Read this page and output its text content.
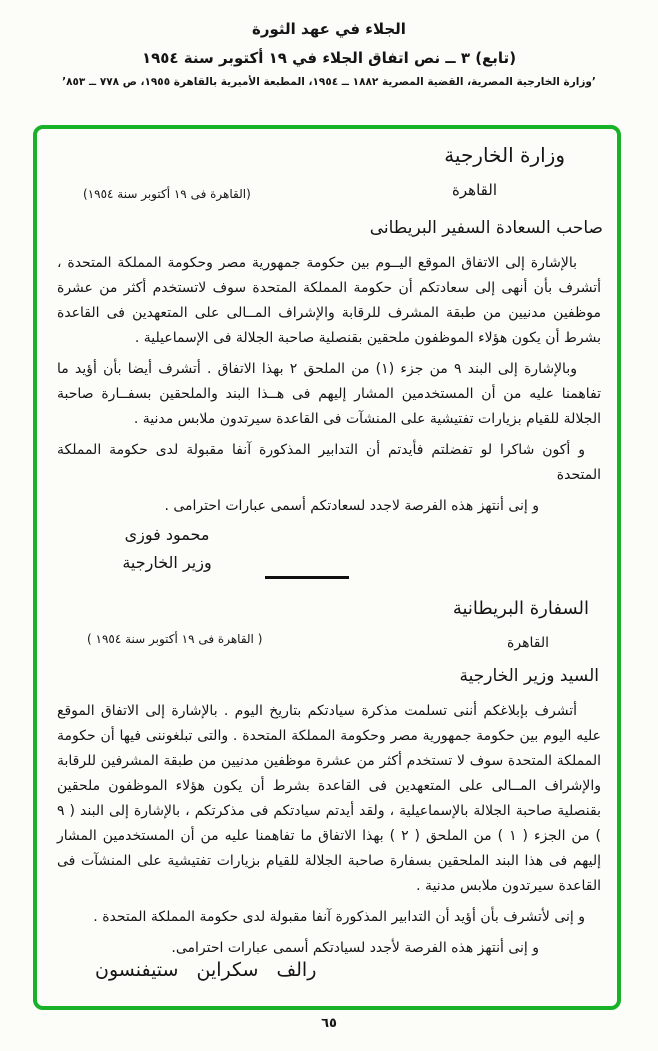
الجلاء في عهد الثورة
(تابع) ٣ ــ نص اتفاق الجلاء في ١٩ أكتوبر سنة ١٩٥٤
’وزارة الخارجية المصرية، القضية المصرية ١٨٨٢ ــ ١٩٥٤، المطبعة الأميرية بالقاهرة ١٩٥٥، ص ٧٧٨ ــ ٨٥٣’
وزارة الخارجية
القاهرة
(القاهرة فى ١٩ أكتوبر سنة ١٩٥٤)
صاحب السعادة السفير البريطانى

بالإشارة إلى الاتفاق الموقع اليــوم بين حكومة جمهورية مصر وحكومة المملكة المتحدة ، أتشرف بأن أنهى إلى سعادتكم أن حكومة المملكة المتحدة سوف لاتستخدم أكثر من عشرة موظفين مدنيين من طبقة المشرف للرقابة والإشراف المــالى على المتعهدين فى القاعدة بشرط أن يكون هؤلاء الموظفون ملحقين بقنصلية صاحبة الجلالة فى الإسماعيلية .

وبالإشارة إلى البند ٩ من جزء (١) من الملحق ٢ بهذا الاتفاق . أتشرف أيضا بأن أؤيد ما تفاهمنا عليه من أن المستخدمين المشار إليهم فى هــذا البند والملحقين بسفــارة صاحبة الجلالة للقيام بزيارات تفتيشية على المنشآت فى القاعدة سيرتدون ملابس مدنية .

و أكون شاكرا لو تفضلتم فأيدتم أن التدابير المذكورة آنفا مقبولة لدى حكومة المملكة المتحدة

و إنى أنتهز هذه الفرصة لاجدد لسعادتكم أسمى عبارات احترامى .

محمود فوزى
وزير الخارجية
السفارة البريطانية
القاهرة
( القاهرة فى ١٩ أكتوبر سنة ١٩٥٤ )
السيد وزير الخارجية

أتشرف بإبلاغكم أننى تسلمت مذكرة سيادتكم بتاريخ اليوم . بالإشارة إلى الاتفاق الموقع عليه اليوم بين حكومة جمهورية مصر وحكومة المملكة المتحدة . والتى تبلغوننى فيها أن حكومة المملكة المتحدة سوف لا تستخدم أكثر من عشرة موظفين مدنيين من طبقة المشرفين للرقابة والإشراف المــالى على المتعهدين فى القاعدة بشرط أن يكون هؤلاء الموظفون ملحقين بقنصلية صاحبة الجلالة بالإسماعيلية ، ولقد أيدتم سيادتكم فى مذكرتكم ، بالإشارة إلى البند ( ٩ ) من الجزء ( ١ ) من الملحق ( ٢ ) بهذا الاتفاق ما تفاهمنا عليه من أن المستخدمين المشار إليهم فى هذا البند الملحقين بسفارة صاحبة الجلالة للقيام بزيارات تفتيشية على المنشآت فى القاعدة سيرتدون ملابس مدنية .

و إنى لأتشرف بأن أؤيد أن التدابير المذكورة آنفا مقبولة لدى حكومة المملكة المتحدة .

و إنى أنتهز هذه الفرصة لأجدد لسيادتكم أسمى عبارات احترامى.

رالف سكراين ستيفنسون
٦٥
